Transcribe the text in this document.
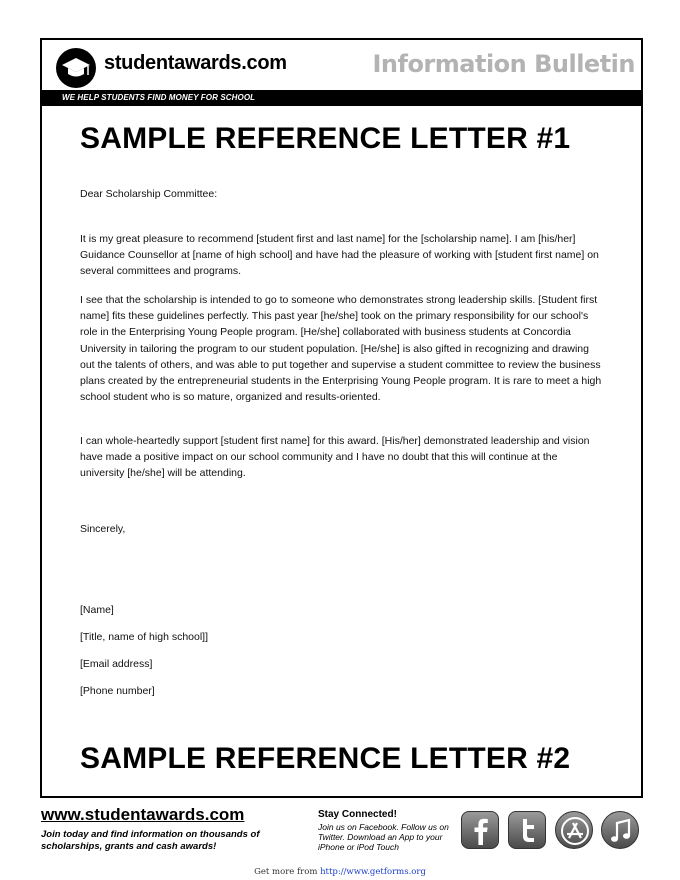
studentawards.com	Information Bulletin
WE HELP STUDENTS FIND MONEY FOR SCHOOL
SAMPLE REFERENCE LETTER #1
Dear Scholarship Committee:
It is my great pleasure to recommend [student first and last name] for the [scholarship name]. I am [his/her] Guidance Counsellor at [name of high school] and have had the pleasure of working with [student first name] on several committees and programs.
I see that the scholarship is intended to go to someone who demonstrates strong leadership skills. [Student first name] fits these guidelines perfectly. This past year [he/she] took on the primary responsibility for our school's role in the Enterprising Young People program. [He/she] collaborated with business students at Concordia University in tailoring the program to our student population. [He/she] is also gifted in recognizing and drawing out the talents of others, and was able to put together and supervise a student committee to review the business plans created by the entrepreneurial students in the Enterprising Young People program. It is rare to meet a high school student who is so mature, organized and results-oriented.
I can whole-heartedly support [student first name] for this award. [His/her] demonstrated leadership and vision have made a positive impact on our school community and I have no doubt that this will continue at the university [he/she] will be attending.
Sincerely,
[Name]
[Title, name of high school]]
[Email address]
[Phone number]
SAMPLE REFERENCE LETTER #2
www.studentawards.com
Join today and find information on thousands of scholarships, grants and cash awards!
Stay Connected!
Join us on Facebook. Follow us on Twitter. Download an App to your iPhone or iPod Touch
Get more from http://www.getforms.org
